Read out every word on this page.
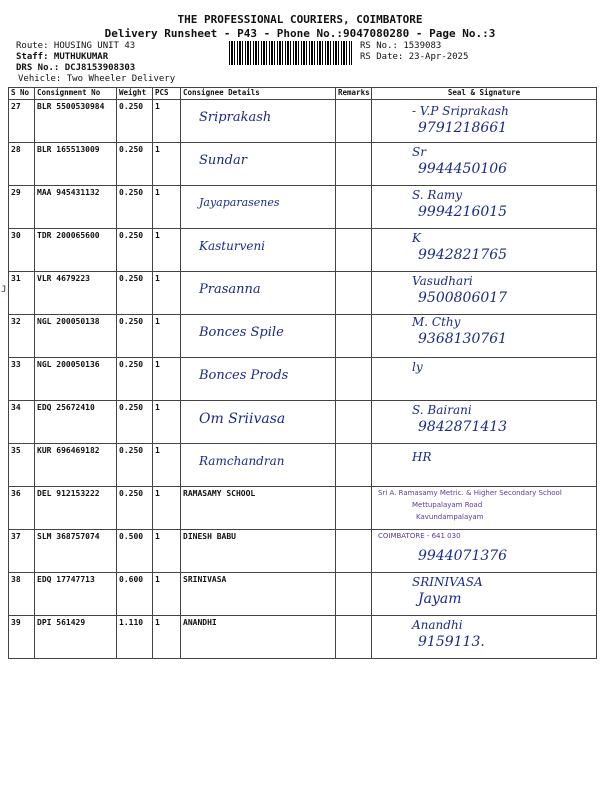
THE PROFESSIONAL COURIERS, COIMBATORE
Delivery Runsheet - P43 - Phone No.:9047080280 - Page No.:3
Route: HOUSING UNIT 43
Staff: MUTHUKUMAR
DRS No.: DCJ8153908303
Vehicle: Two Wheeler Delivery
RS No.: 1539083
RS Date: 23-Apr-2025
J
S No	Consignment No	Weight	PCS	Consignee Details	Remarks	Seal & Signature
27	BLR 5500530984	0.250	1	Sriprakash		- V.P Sriprakash
9791218661

28	BLR 165513009	0.250	1	Sundar		Sr
9944450106

29	MAA 945431132	0.250	1	Jayaparasenes		S. Ramy
9994216015

30	TDR 200065600	0.250	1	Kasturveni		K
9942821765

31	VLR 4679223	0.250	1	Prasanna		Vasudhari
9500806017

32	NGL 200050138	0.250	1	Bonces Spile		M. Cthy
9368130761

33	NGL 200050136	0.250	1	Bonces Prods		ly

34	EDQ 25672410	0.250	1	Om Sriivasa		S. Bairani
9842871413

35	KUR 696469182	0.250	1	Ramchandran		HR

36	DEL 912153222	0.250	1	RAMASAMY SCHOOL		Sri A. Ramasamy Metric. & Higher Secondary School
Mettupalayam Road
Kavundampalayam

37	SLM 368757074	0.500	1	DINESH BABU		COIMBATORE - 641 030
9944071376

38	EDQ 17747713	0.600	1	SRINIVASA		SRINIVASA
Jayam

39	DPI 561429	1.110	1	ANANDHI		Anandhi
9159113.
